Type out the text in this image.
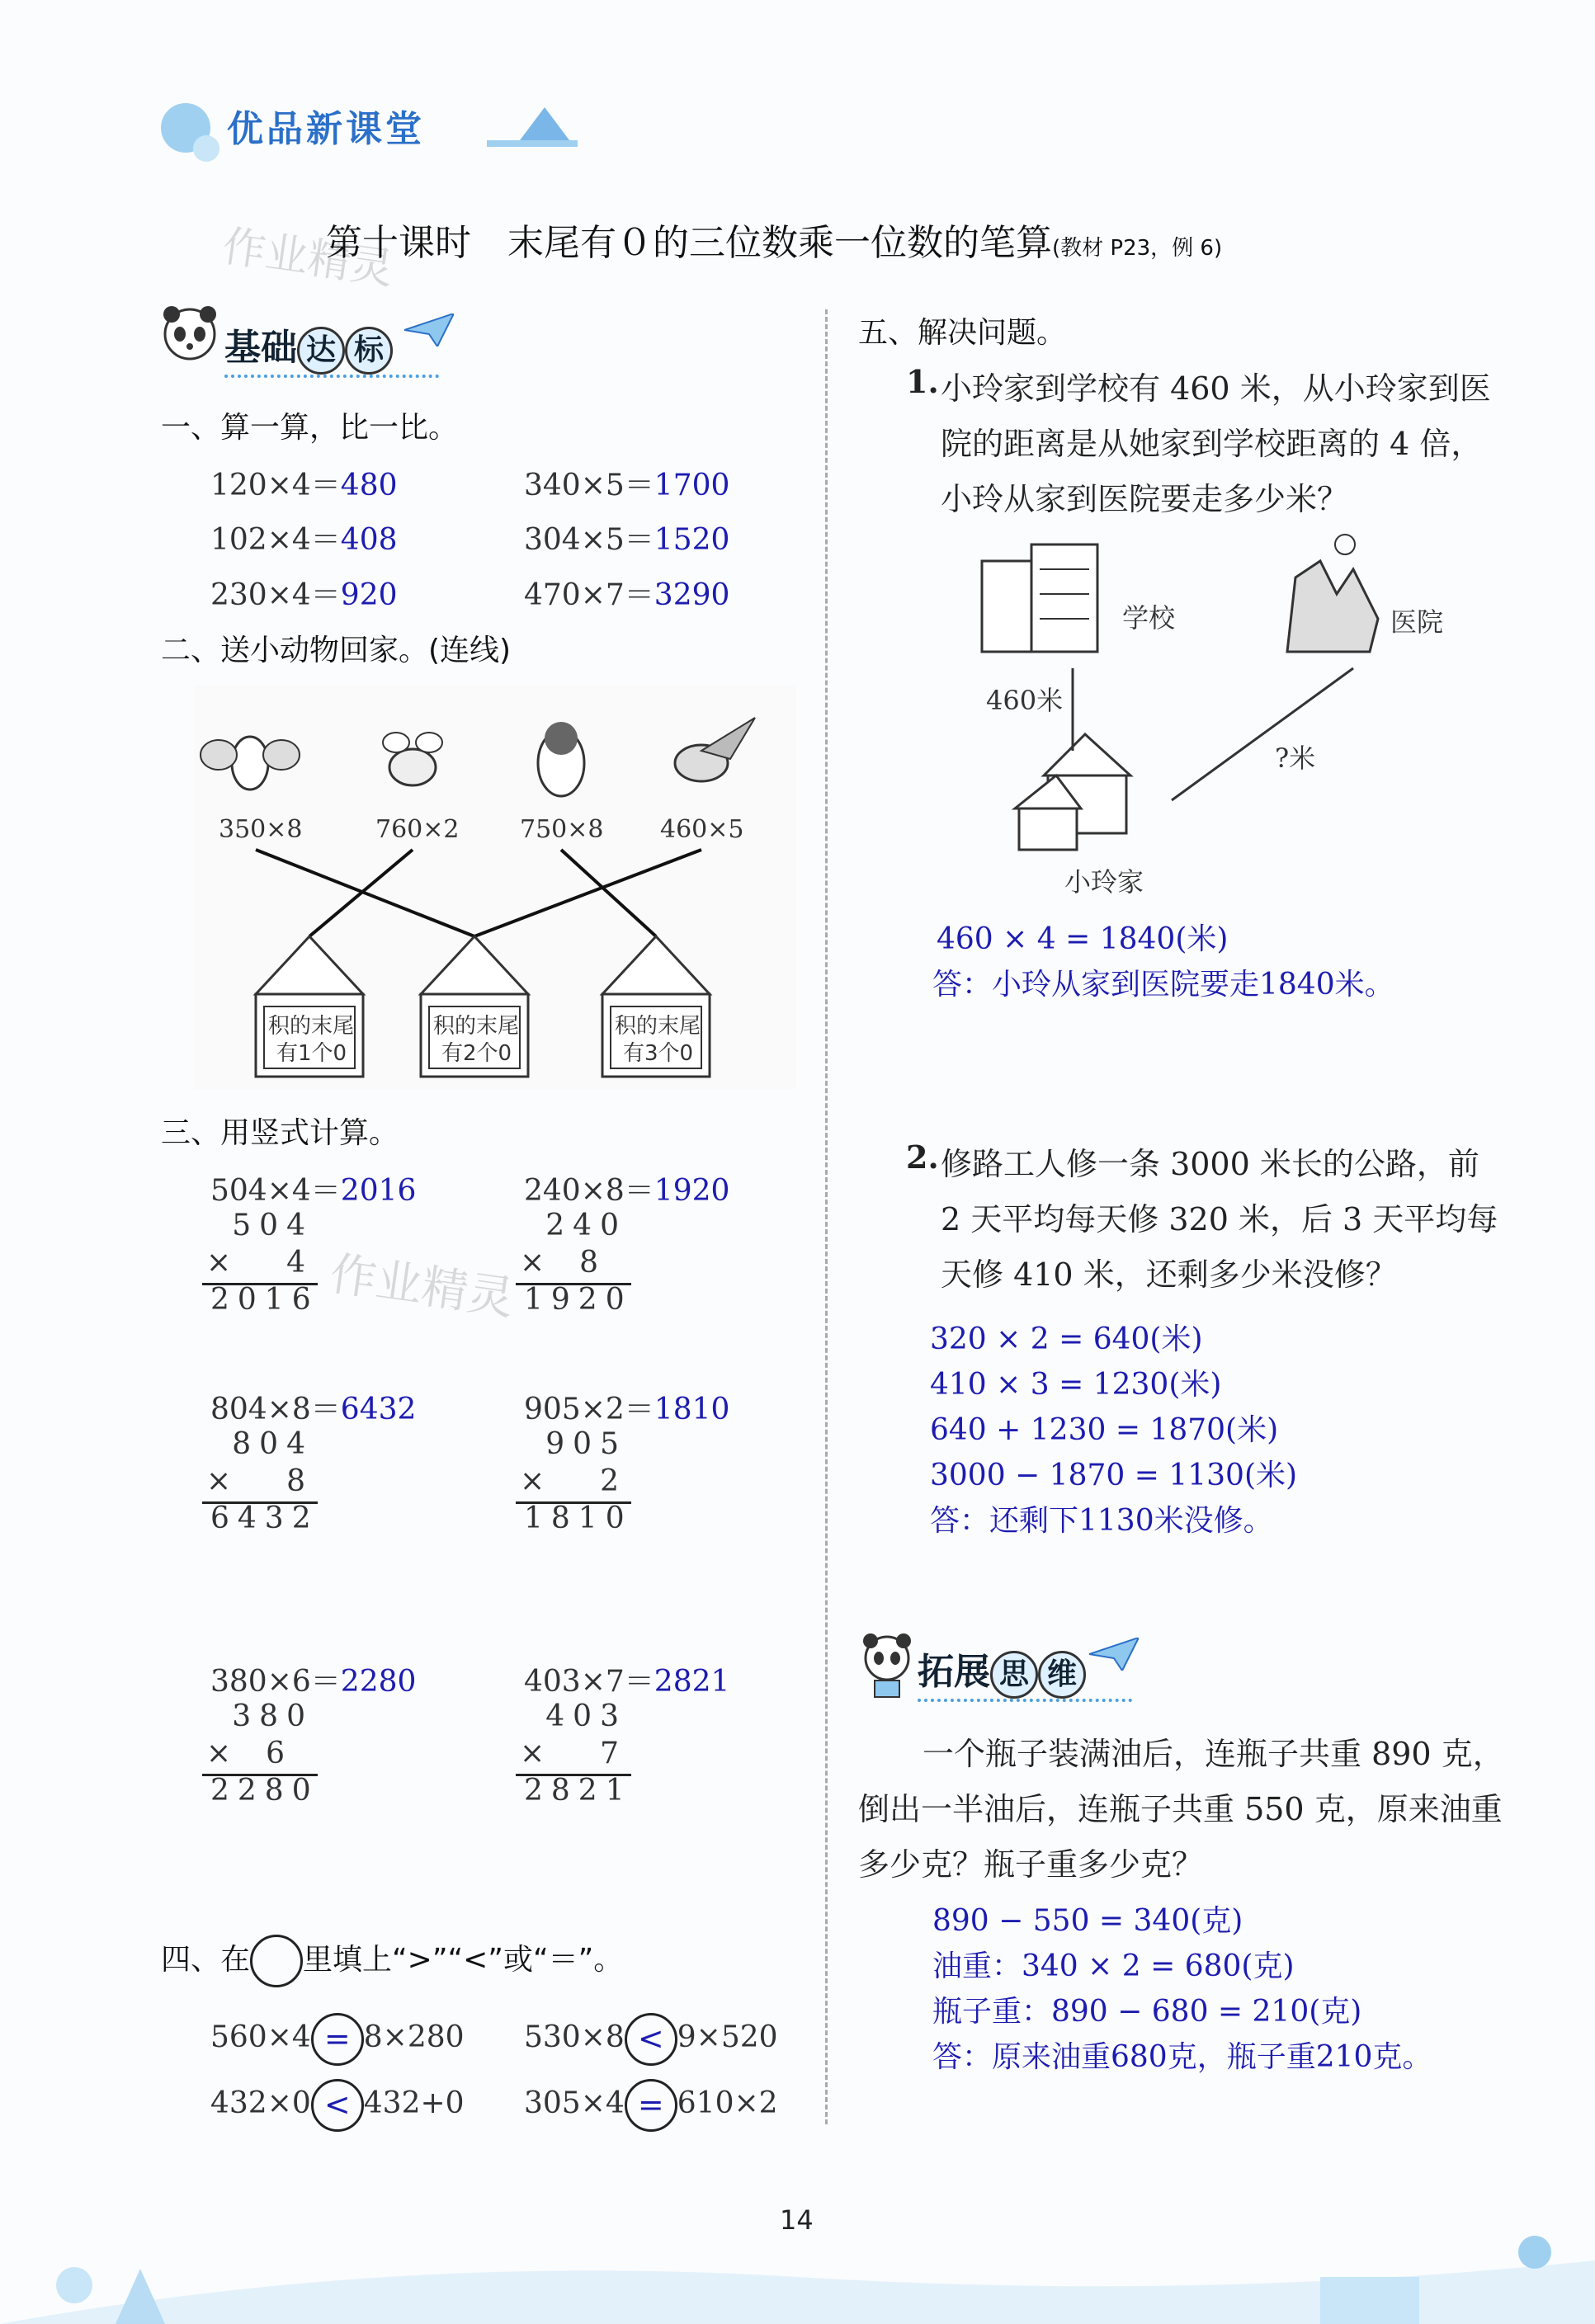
优品新课堂
作业精灵
第十课时　末尾有０的三位数乘一位数的笔算(教材 P23，例 6)
基础 达 标
一、算一算，比一比。
120×4＝480	340×5＝1700
102×4＝408	304×5＝1520
230×4＝920	470×7＝3290
二、送小动物回家。(连线)
350×8	760×2 750×8 460×5
积的末尾
有1个0
积的末尾
有2个0
积的末尾
有3个0
三、用竖式计算。
作业精灵
504×4＝2016
504
×	4
2016
240×8＝1920
240
× 8
1920
804×8＝6432
804
×	8
6432
905×2＝1810
905
×	2
1810
380×6＝2280
380
× 6
2280
403×7＝2821
403
×	7
2821
四、在 里填上“>”“<”或“＝”。
560×4 = 8×280 530×8 < 9×520
432×0 < 432+0 305×4 = 610×2
五、解决问题。
1. 小玲家到学校有 460 米，从小玲家到医
院的距离是从她家到学校距离的 4 倍，
小玲从家到医院要走多少米？
学校	医院
460米
?米
小玲家
460 × 4 = 1840(米)
答：小玲从家到医院要走1840米。
2. 修路工人修一条 3000 米长的公路，前
2 天平均每天修 320 米，后 3 天平均每
天修 410 米，还剩多少米没修？
320 × 2 = 640(米)
410 × 3 = 1230(米)
640 + 1230 = 1870(米)
3000 − 1870 = 1130(米)
答：还剩下1130米没修。
拓展 思 维
一个瓶子装满油后，连瓶子共重 890 克，
倒出一半油后，连瓶子共重 550 克，原来油重
多少克？瓶子重多少克？
890 − 550 = 340(克)
油重：340 × 2 = 680(克)
瓶子重：890 − 680 = 210(克)
答：原来油重680克，瓶子重210克。
14
